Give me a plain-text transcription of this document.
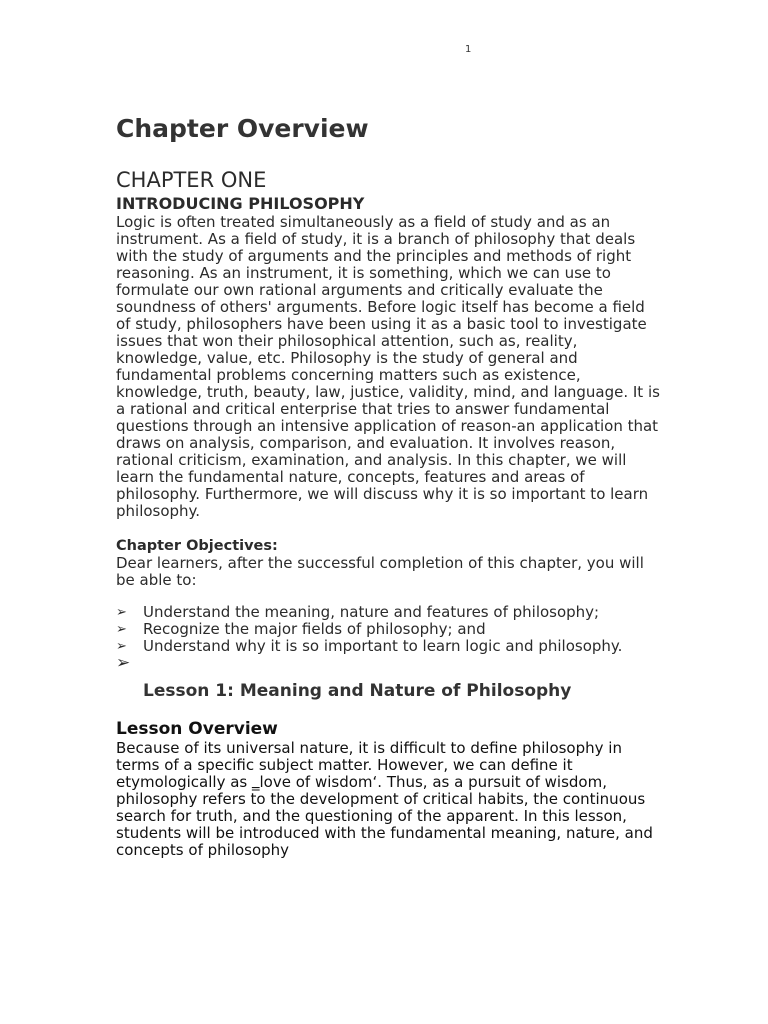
1
Chapter Overview
CHAPTER ONE
INTRODUCING PHILOSOPHY

Logic is often treated simultaneously as a field of study and as an instrument. As a field of study, it is a branch of philosophy that deals with the study of arguments and the principles and methods of right reasoning. As an instrument, it is something, which we can use to formulate our own rational arguments and critically evaluate the soundness of others' arguments. Before logic itself has become a field of study, philosophers have been using it as a basic tool to investigate issues that won their philosophical attention, such as, reality, knowledge, value, etc. Philosophy is the study of general and fundamental problems concerning matters such as existence, knowledge, truth, beauty, law, justice, validity, mind, and language. It is a rational and critical enterprise that tries to answer fundamental questions through an intensive application of reason-an application that draws on analysis, comparison, and evaluation. It involves reason, rational criticism, examination, and analysis. In this chapter, we will learn the fundamental nature, concepts, features and areas of philosophy. Furthermore, we will discuss why it is so important to learn philosophy.

Chapter Objectives:

Dear learners, after the successful completion of this chapter, you will be able to:

➢ Understand the meaning, nature and features of philosophy;
➢ Recognize the major fields of philosophy; and
➢ Understand why it is so important to learn logic and philosophy.
➢
Lesson 1: Meaning and Nature of Philosophy
Lesson Overview

Because of its universal nature, it is difficult to define philosophy in terms of a specific subject matter. However, we can define it etymologically as ‗love of wisdom‘. Thus, as a pursuit of wisdom, philosophy refers to the development of critical habits, the continuous search for truth, and the questioning of the apparent. In this lesson, students will be introduced with the fundamental meaning, nature, and concepts of philosophy
